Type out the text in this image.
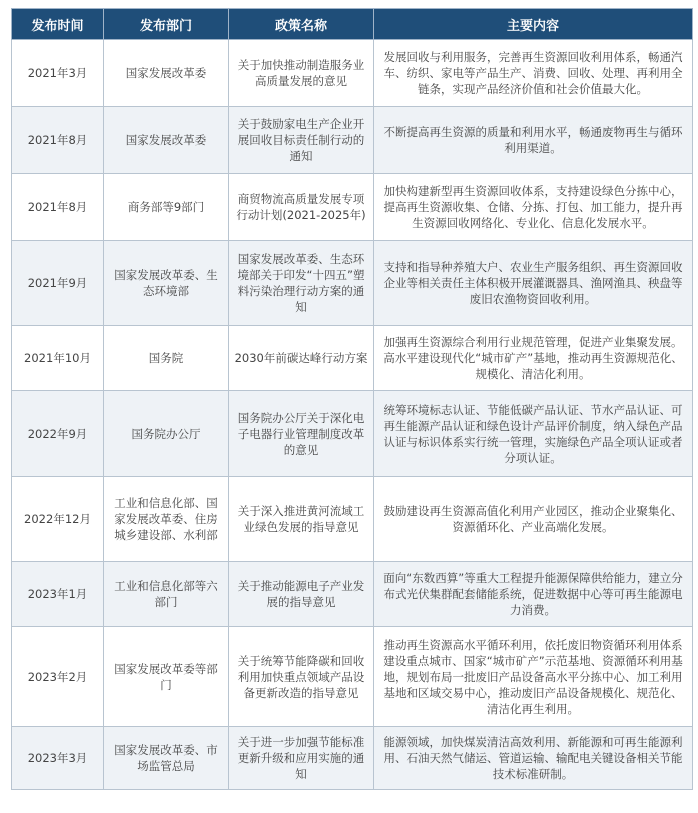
发布时间	发布部门	政策名称	主要内容
2021年3月	国家发展改革委	关于加快推动制造服务业高质量发展的意见	发展回收与利用服务，完善再生资源回收利用体系，畅通汽车、纺织、家电等产品生产、消费、回收、处理、再利用全链条，实现产品经济价值和社会价值最大化。
2021年8月	国家发展改革委	关于鼓励家电生产企业开展回收目标责任制行动的通知	不断提高再生资源的质量和利用水平，畅通废物再生与循环利用渠道。
2021年8月	商务部等9部门	商贸物流高质量发展专项行动计划(2021-2025年)	加快构建新型再生资源回收体系，支持建设绿色分拣中心，提高再生资源收集、仓储、分拣、打包、加工能力，提升再生资源回收网络化、专业化、信息化发展水平。
2021年9月	国家发展改革委、生态环境部	国家发展改革委、生态环境部关于印发“十四五”塑料污染治理行动方案的通知	支持和指导种养殖大户、农业生产服务组织、再生资源回收企业等相关责任主体积极开展灌溉器具、渔网渔具、秧盘等废旧农渔物资回收利用。
2021年10月	国务院	2030年前碳达峰行动方案	加强再生资源综合利用行业规范管理，促进产业集聚发展。高水平建设现代化“城市矿产”基地，推动再生资源规范化、规模化、清洁化利用。
2022年9月	国务院办公厅	国务院办公厅关于深化电子电器行业管理制度改革的意见	统筹环境标志认证、节能低碳产品认证、节水产品认证、可再生能源产品认证和绿色设计产品评价制度，纳入绿色产品认证与标识体系实行统一管理，实施绿色产品全项认证或者分项认证。
2022年12月	工业和信息化部、国家发展改革委、住房城乡建设部、水利部	关于深入推进黄河流域工业绿色发展的指导意见	鼓励建设再生资源高值化利用产业园区，推动企业聚集化、资源循环化、产业高端化发展。
2023年1月	工业和信息化部等六部门	关于推动能源电子产业发展的指导意见	面向“东数西算”等重大工程提升能源保障供给能力，建立分布式光伏集群配套储能系统，促进数据中心等可再生能源电力消费。
2023年2月	国家发展改革委等部门	关于统筹节能降碳和回收利用加快重点领域产品设备更新改造的指导意见	推动再生资源高水平循环利用，依托废旧物资循环利用体系建设重点城市、国家“城市矿产”示范基地、资源循环利用基地，规划布局一批废旧产品设备高水平分拣中心、加工利用基地和区域交易中心，推动废旧产品设备规模化、规范化、清洁化再生利用。
2023年3月	国家发展改革委、市场监管总局	关于进一步加强节能标准更新升级和应用实施的通知	能源领域，加快煤炭清洁高效利用、新能源和可再生能源利用、石油天然气储运、管道运输、输配电关键设备相关节能技术标准研制。
